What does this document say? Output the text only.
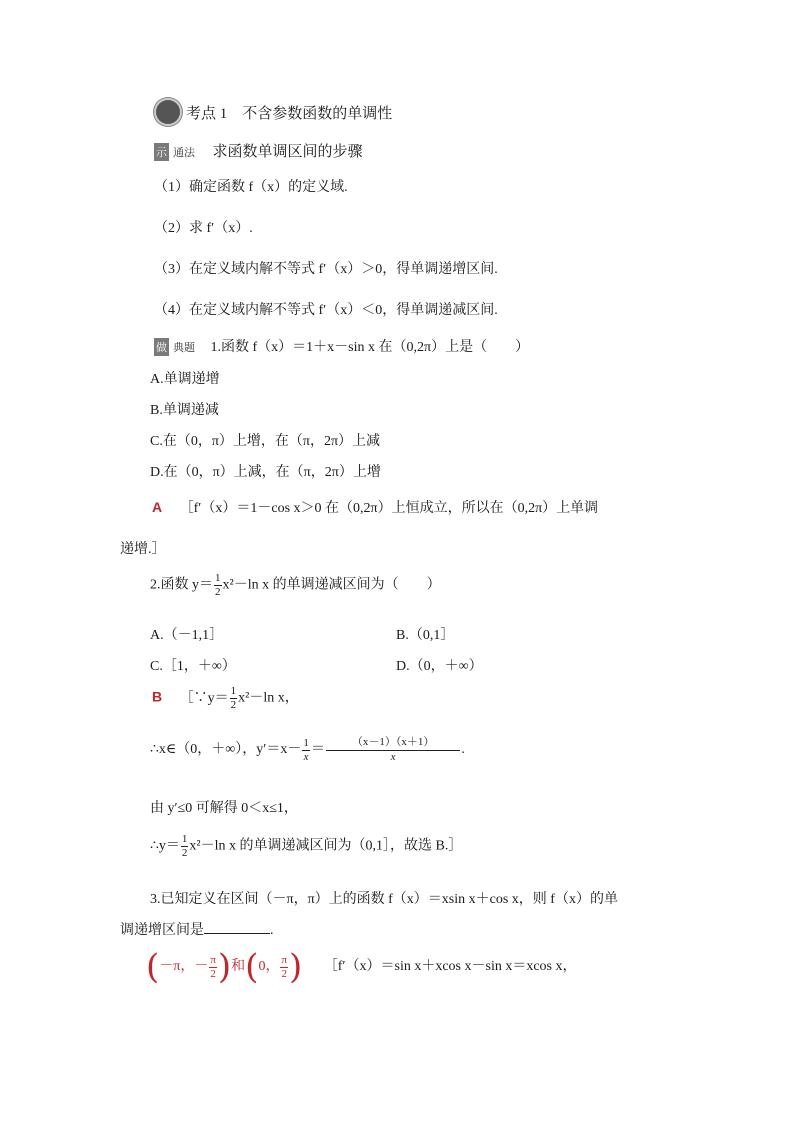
考点 1　不含参数函数的单调性
示 通法 求函数单调区间的步骤
（1）确定函数 f（x）的定义域.
（2）求 f′（x）.
（3）在定义域内解不等式 f′（x）＞0，得单调递增区间.
（4）在定义域内解不等式 f′（x）＜0，得单调递减区间.
做 典题 1.函数 f（x）＝1＋x－sin x 在（0,2π）上是（　　）
A.单调递增
B.单调递减
C.在（0，π）上增，在（π，2π）上减
D.在（0，π）上减，在（π，2π）上增
A ［f′（x）＝1－cos x＞0 在（0,2π）上恒成立，所以在（0,2π）上单调
递增.］
2.函数 $y= \frac{1}{2} x^2-\ln$ x 的单调递减区间为（　　）
A.（－1,1］	B.（0,1］
C.［1，＋∞）	D.（0，＋∞）
B ［∵y＝ $\frac{1}{2} x^2-\ln$ x，
∴x∈（0，＋∞），$y'=x- \frac{1}{x} = \frac{(x-1)(x+1)}{x}$ .
由 y′≤0 可解得 0＜x≤1，
∴y＝ $\frac{1}{2} x^2-\ln$ x 的单调递减区间为（0,1］，故选 B.］
3.已知定义在区间（－π，π）上的函数 f（x）＝xsin x＋cos x，则 f（x）的单
调递增区间是	.
(－π，－ $\frac{\pi}{2}$ )和(0， $\frac{\pi}{2}$ ) ［f′（x）＝sin x＋xcos x－sin x＝xcos x，
